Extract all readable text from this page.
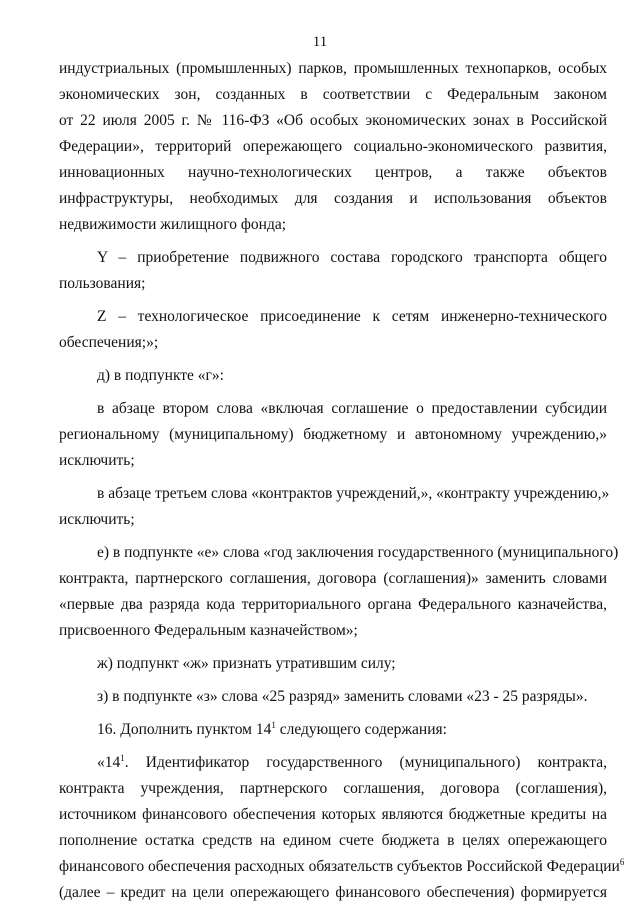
11
индустриальных (промышленных) парков, промышленных технопарков, особых
экономических зон, созданных в соответствии с Федеральным законом
от 22 июля 2005 г. № 116-ФЗ «Об особых экономических зонах в Российской
Федерации», территорий опережающего социально-экономического развития,
инновационных научно-технологических центров, а также объектов
инфраструктуры, необходимых для создания и использования объектов
недвижимости жилищного фонда;
Y – приобретение подвижного состава городского транспорта общего
пользования;
Z – технологическое присоединение к сетям инженерно-технического
обеспечения;»;
д) в подпункте «г»:
в абзаце втором слова «включая соглашение о предоставлении субсидии
региональному (муниципальному) бюджетному и автономному учреждению,»
исключить;
в абзаце третьем слова «контрактов учреждений,», «контракту учреждению,»
исключить;
е) в подпункте «е» слова «год заключения государственного (муниципального)
контракта, партнерского соглашения, договора (соглашения)» заменить словами
«первые два разряда кода территориального органа Федерального казначейства,
присвоенного Федеральным казначейством»;
ж) подпункт «ж» признать утратившим силу;
з) в подпункте «з» слова «25 разряд» заменить словами «23 - 25 разряды».
16. Дополнить пунктом $14^1$ следующего содержания:
«$14^1$. Идентификатор государственного (муниципального) контракта,
контракта учреждения, партнерского соглашения, договора (соглашения),
источником финансового обеспечения которых являются бюджетные кредиты на
пополнение остатка средств на едином счете бюджета в целях опережающего
финансового обеспечения расходных обязательств субъектов Российской Федерации$^6$
(далее – кредит на цели опережающего финансового обеспечения) формируется
